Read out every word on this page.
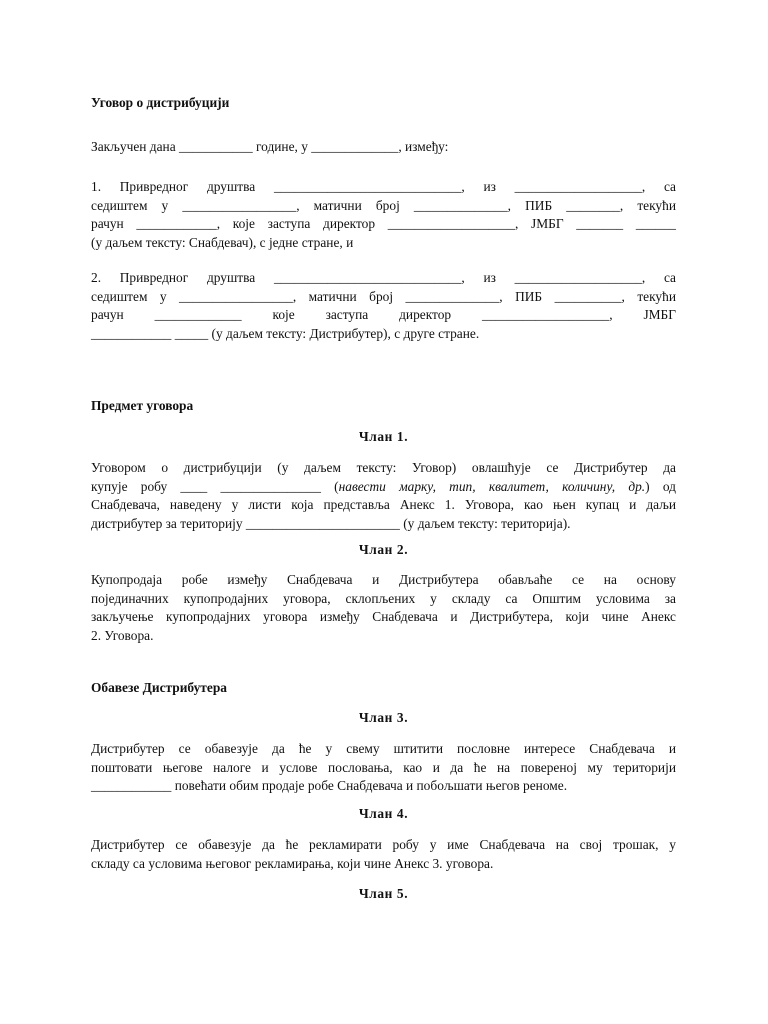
Уговор о дистрибуцији
Закључен дана ___________ године, у _____________, између:
1. Привредног друштва ____________________________, из ___________________, са
седиштем у _________________, матични број ______________, ПИБ ________, текући
рачун ____________, које заступа директор ___________________, ЈМБГ _______ ______
(у даљем тексту: Снабдевач), с једне стране, и
2. Привредног друштва ____________________________, из ___________________, са
седиштем у _________________, матични број ______________, ПИБ __________, текући
рачун _____________ које заступа директор ___________________, ЈМБГ
____________ _____ (у даљем тексту: Дистрибутер), с друге стране.
Предмет уговора
Члан 1.
Уговором о дистрибуцији (у даљем тексту: Уговор) овлашћује се Дистрибутер да
купује робу ____ _______________ (навести марку, тип, квалитет, количину, др.) од
Снабдевача, наведену у листи која представља Анекс 1. Уговора, као њен купац и даљи
дистрибутер за територију _______________________ (у даљем тексту: територија).
Члан 2.
Купопродаја робе између Снабдевача и Дистрибутера обављаће се на основу
појединачних купопродајних уговора, склопљених у складу са Општим условима за
закључење купопродајних уговора између Снабдевача и Дистрибутера, који чине Анекс
2. Уговора.
Обавезе Дистрибутера
Члан 3.
Дистрибутер се обавезује да ће у свему штитити пословне интересе Снабдевача и
поштовати његове налоге и услове пословања, као и да ће на повереној му територији
____________ повећати обим продаје робе Снабдевача и побољшати његов реноме.
Члан 4.
Дистрибутер се обавезује да ће рекламирати робу у име Снабдевача на свој трошак, у
складу са условима његовог рекламирања, који чине Анекс 3. уговора.
Члан 5.
